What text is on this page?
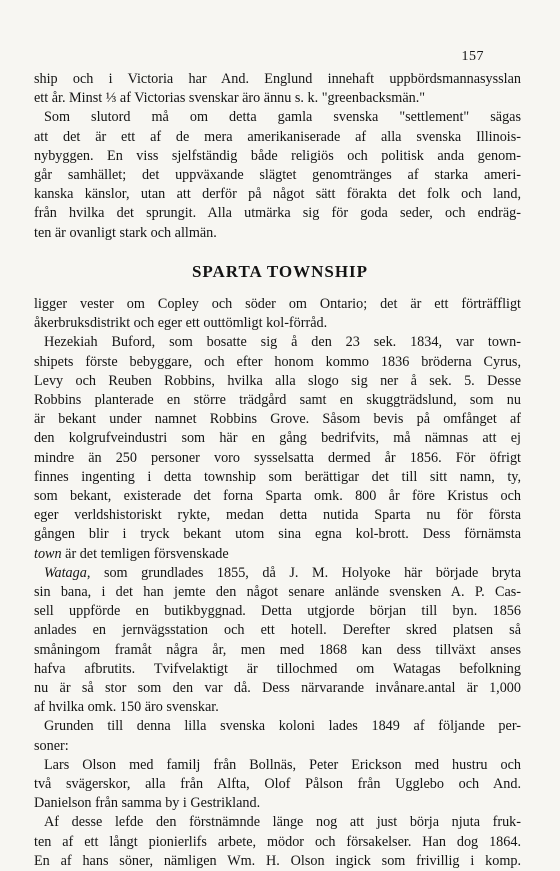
157
ship och i Victoria har And. Englund innehaft uppbördsmannasysslan
ett år. Minst ⅓ af Victorias svenskar äro ännu s. k. "greenbacksmän."
Som slutord må om detta gamla svenska "settlement" sägas
att det är ett af de mera amerikaniserade af alla svenska Illinois-
nybyggen. En viss sjelfständig både religiös och politisk anda genom-
går samhället; det uppväxande slägtet genomtränges af starka ameri-
kanska känslor, utan att derför på något sätt förakta det folk och land,
från hvilka det sprungit. Alla utmärka sig för goda seder, och endräg-
ten är ovanligt stark och allmän.
SPARTA TOWNSHIP
ligger vester om Copley och söder om Ontario; det är ett förträffligt
åkerbruksdistrikt och eger ett outtömligt kol-förråd.
Hezekiah Buford, som bosatte sig å den 23 sek. 1834, var town-
shipets förste bebyggare, och efter honom kommo 1836 bröderna Cyrus,
Levy och Reuben Robbins, hvilka alla slogo sig ner å sek. 5. Desse
Robbins planterade en större trädgård samt en skuggträdslund, som nu
är bekant under namnet Robbins Grove. Såsom bevis på omfånget af
den kolgrufveindustri som här en gång bedrifvits, må nämnas att ej
mindre än 250 personer voro sysselsatta dermed år 1856. För öfrigt
finnes ingenting i detta township som berättigar det till sitt namn, ty,
som bekant, existerade det forna Sparta omk. 800 år före Kristus och
eger verldshistoriskt rykte, medan detta nutida Sparta nu för första
gången blir i tryck bekant utom sina egna kol-brott. Dess förnämsta
town är det temligen försvenskade
Wataga, som grundlades 1855, då J. M. Holyoke här började bryta
sin bana, i det han jemte den något senare anlände svensken A. P. Cas-
sell uppförde en butikbyggnad. Detta utgjorde början till byn. 1856
anlades en jernvägsstation och ett hotell. Derefter skred platsen så
småningom framåt några år, men med 1868 kan dess tillväxt anses
hafva afbrutits. Tvifvelaktigt är tillochmed om Watagas befolkning
nu är så stor som den var då. Dess närvarande invånare.antal är 1,000
af hvilka omk. 150 äro svenskar.
Grunden till denna lilla svenska koloni lades 1849 af följande per-
soner:
Lars Olson med familj från Bollnäs, Peter Erickson med hustru och
två svägerskor, alla från Alfta, Olof Pålson från Ugglebo och And.
Danielson från samma by i Gestrikland.
Af desse lefde den förstnämnde länge nog att just börja njuta fruk-
ten af ett långt pionierlifs arbete, mödor och försakelser. Han dog 1864.
En af hans söner, nämligen Wm. H. Olson ingick som frivillig i komp.
